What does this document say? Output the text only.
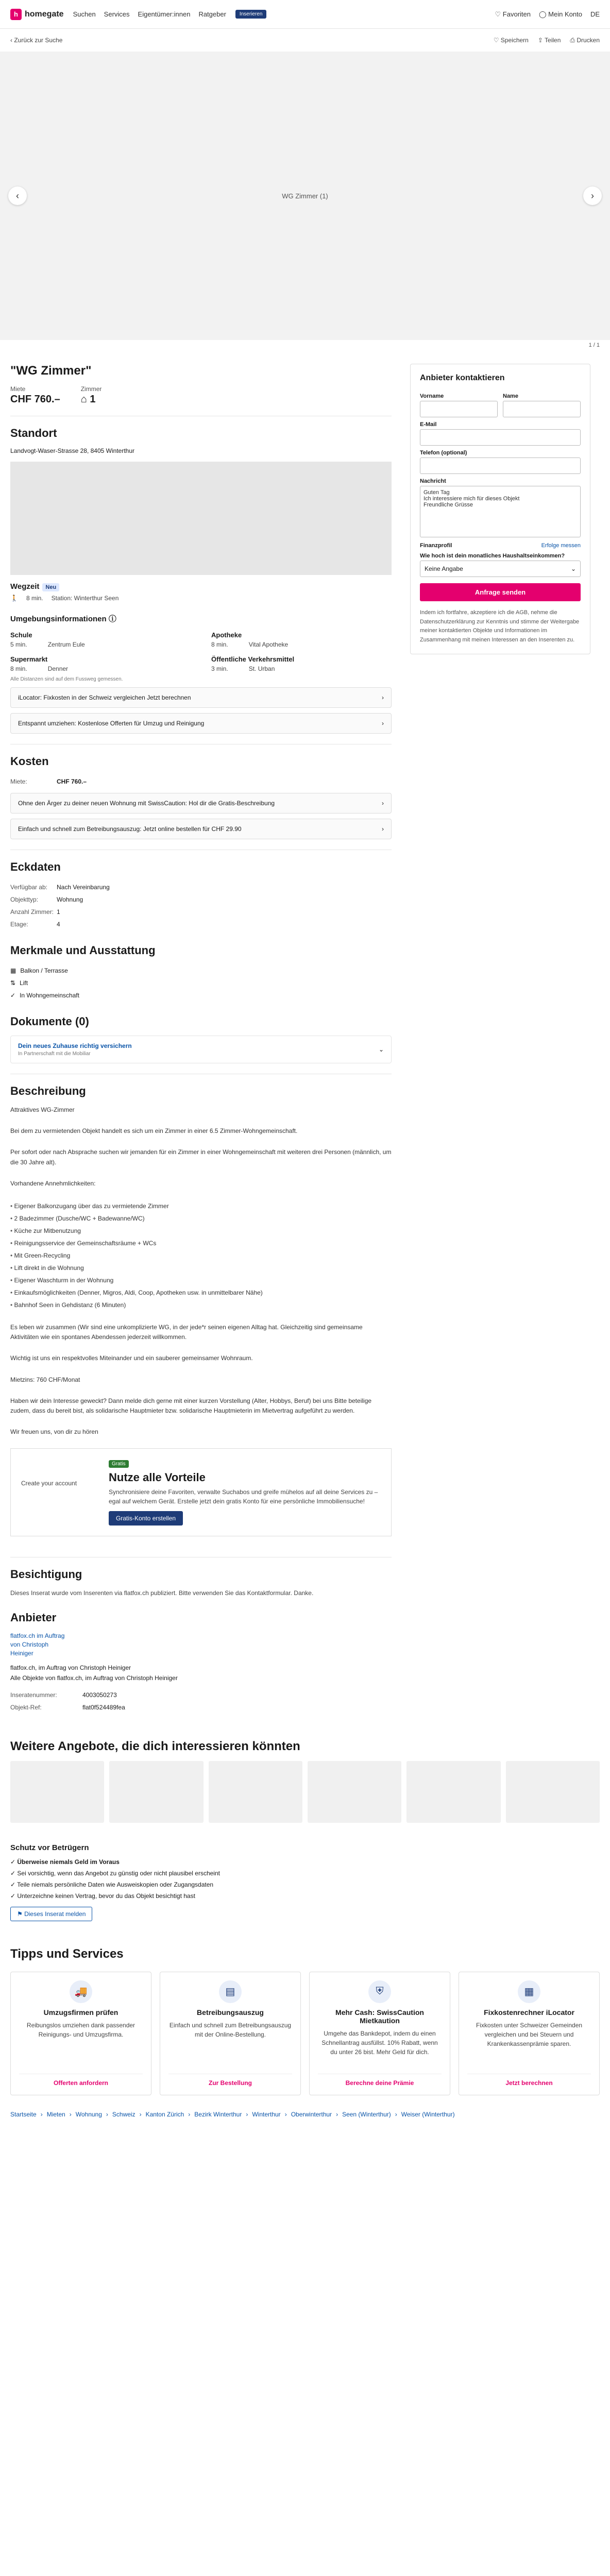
h homegate Suchen Services Eigentümer:innen Ratgeber	Inserieren	♡ Favoriten ◯ Mein Konto DE
‹ Zurück zur Suche	♡ Speichern ⇪ Teilen ⎙ Drucken
‹	WG Zimmer (1)	›
1 / 1
"WG Zimmer"
Miete
CHF 760.–
Zimmer
⌂ 1
Standort
Landvogt-Waser-Strasse 28, 8405 Winterthur
Wegzeit Neu
🚶 8 min. Station: Winterthur Seen
Umgebungsinformationen ⓘ
Schule
5 min.	Zentrum Eule
Apotheke
8 min.	Vital Apotheke
Supermarkt
8 min.	Denner
Öffentliche Verkehrsmittel
3 min.	St. Urban
Alle Distanzen sind auf dem Fussweg gemessen.
iLocator: Fixkosten in der Schweiz vergleichen Jetzt berechnen	›
Entspannt umziehen: Kostenlose Offerten für Umzug und Reinigung	›
Kosten
Miete:	CHF 760.–
Ohne den Ärger zu deiner neuen Wohnung mit SwissCaution: Hol dir die Gratis-Beschreibung	›
Einfach und schnell zum Betreibungsauszug: Jetzt online bestellen für CHF 29.90	›
Eckdaten
Verfügbar ab:	Nach Vereinbarung
Objekttyp:	Wohnung
Anzahl Zimmer: 1
Etage:	4
Merkmale und Ausstattung
▦ Balkon / Terrasse
⇅ Lift
✓ In Wohngemeinschaft
Dokumente (0)
Dein neues Zuhause richtig versichern
In Partnerschaft mit die Mobiliar
⌄
Beschreibung

Attraktives WG-Zimmer

Bei dem zu vermietenden Objekt handelt es sich um ein Zimmer in einer 6.5 Zimmer-Wohngemeinschaft.

Per sofort oder nach Absprache suchen wir jemanden für ein Zimmer in einer Wohngemeinschaft mit weiteren drei Personen (männlich, um die 30 Jahre alt).

Vorhandene Annehmlichkeiten:

• Eigener Balkonzugang über das zu vermietende Zimmer
• 2 Badezimmer (Dusche/WC + Badewanne/WC)
• Küche zur Mitbenutzung
• Reinigungsservice der Gemeinschaftsräume + WCs
• Mit Green-Recycling
• Lift direkt in die Wohnung
• Eigener Waschturm in der Wohnung
• Einkaufsmöglichkeiten (Denner, Migros, Aldi, Coop, Apotheken usw. in unmittelbarer Nähe)
• Bahnhof Seen in Gehdistanz (6 Minuten)

Es leben wir zusammen (Wir sind eine unkomplizierte WG, in der jede*r seinen eigenen Alltag hat. Gleichzeitig sind gemeinsame Aktivitäten wie ein spontanes Abendessen jederzeit willkommen.

Wichtig ist uns ein respektvolles Miteinander und ein sauberer gemeinsamer Wohnraum.

Mietzins: 760 CHF/Monat

Haben wir dein Interesse geweckt? Dann melde dich gerne mit einer kurzen Vorstellung (Alter, Hobbys, Beruf) bei uns Bitte beteilige zudem, dass du bereit bist, als solidarische Hauptmieter bzw. solidarische Hauptmieterin im Mietvertrag aufgeführt zu werden.

Wir freuen uns, von dir zu hören

Create your account
Gratis
Nutze alle Vorteile
Synchronisiere deine Favoriten, verwalte Suchabos und greife mühelos auf all deine Services zu – egal auf welchem Gerät. Erstelle jetzt dein gratis Konto für eine persönliche Immobiliensuche!
Gratis-Konto erstellen
Besichtigung
Dieses Inserat wurde vom Inserenten via flatfox.ch publiziert. Bitte verwenden Sie das Kontaktformular. Danke.
Anbieter
flatfox.ch im Auftrag von Christoph Heiniger
flatfox.ch, im Auftrag von Christoph Heiniger
Alle Objekte von flatfox.ch, im Auftrag von Christoph Heiniger
Inseratenummer:	4003050273
Objekt-Ref:	flat0f524489fea
Anbieter kontaktieren
Vorname	Name
E-Mail
Telefon (optional)
Nachricht
Guten Tag
Ich interessiere mich für dieses Objekt
Freundliche Grüsse
Finanzprofil	Erfolge messen
Wie hoch ist dein monatliches Haushaltseinkommen?
Keine Angabe	⌄
Anfrage senden
Indem ich fortfahre, akzeptiere ich die AGB, nehme die Datenschutzerklärung zur Kenntnis und stimme der Weitergabe meiner kontaktierten Objekte und Informationen im Zusammenhang mit meinen Interessen an den Inserenten zu.
Weitere Angebote, die dich interessieren könnten
Schutz vor Betrügern
✓ Überweise niemals Geld im Voraus
✓ Sei vorsichtig, wenn das Angebot zu günstig oder nicht plausibel erscheint
✓ Teile niemals persönliche Daten wie Ausweiskopien oder Zugangsdaten
✓ Unterzeichne keinen Vertrag, bevor du das Objekt besichtigt hast
⚑ Dieses Inserat melden
Tipps und Services
🚚
Umzugsfirmen prüfen

Reibungslos umziehen dank passender Reinigungs- und Umzugsfirma.

Offerten anfordern
▤
Betreibungsauszug

Einfach und schnell zum Betreibungsauszug mit der Online-Bestellung.

Zur Bestellung
⛨
Mehr Cash: SwissCaution Mietkaution

Umgehe das Bankdepot, indem du einen Schnellantrag ausfüllst. 10% Rabatt, wenn du unter 26 bist. Mehr Geld für dich.

Berechne deine Prämie
▦
Fixkostenrechner iLocator

Fixkosten unter Schweizer Gemeinden vergleichen und bei Steuern und Krankenkassenprämie sparen.

Jetzt berechnen
Startseite › Mieten › Wohnung › Schweiz › Kanton Zürich › Bezirk Winterthur › Winterthur › Oberwinterthur › Seen (Winterthur) › Weiser (Winterthur)
